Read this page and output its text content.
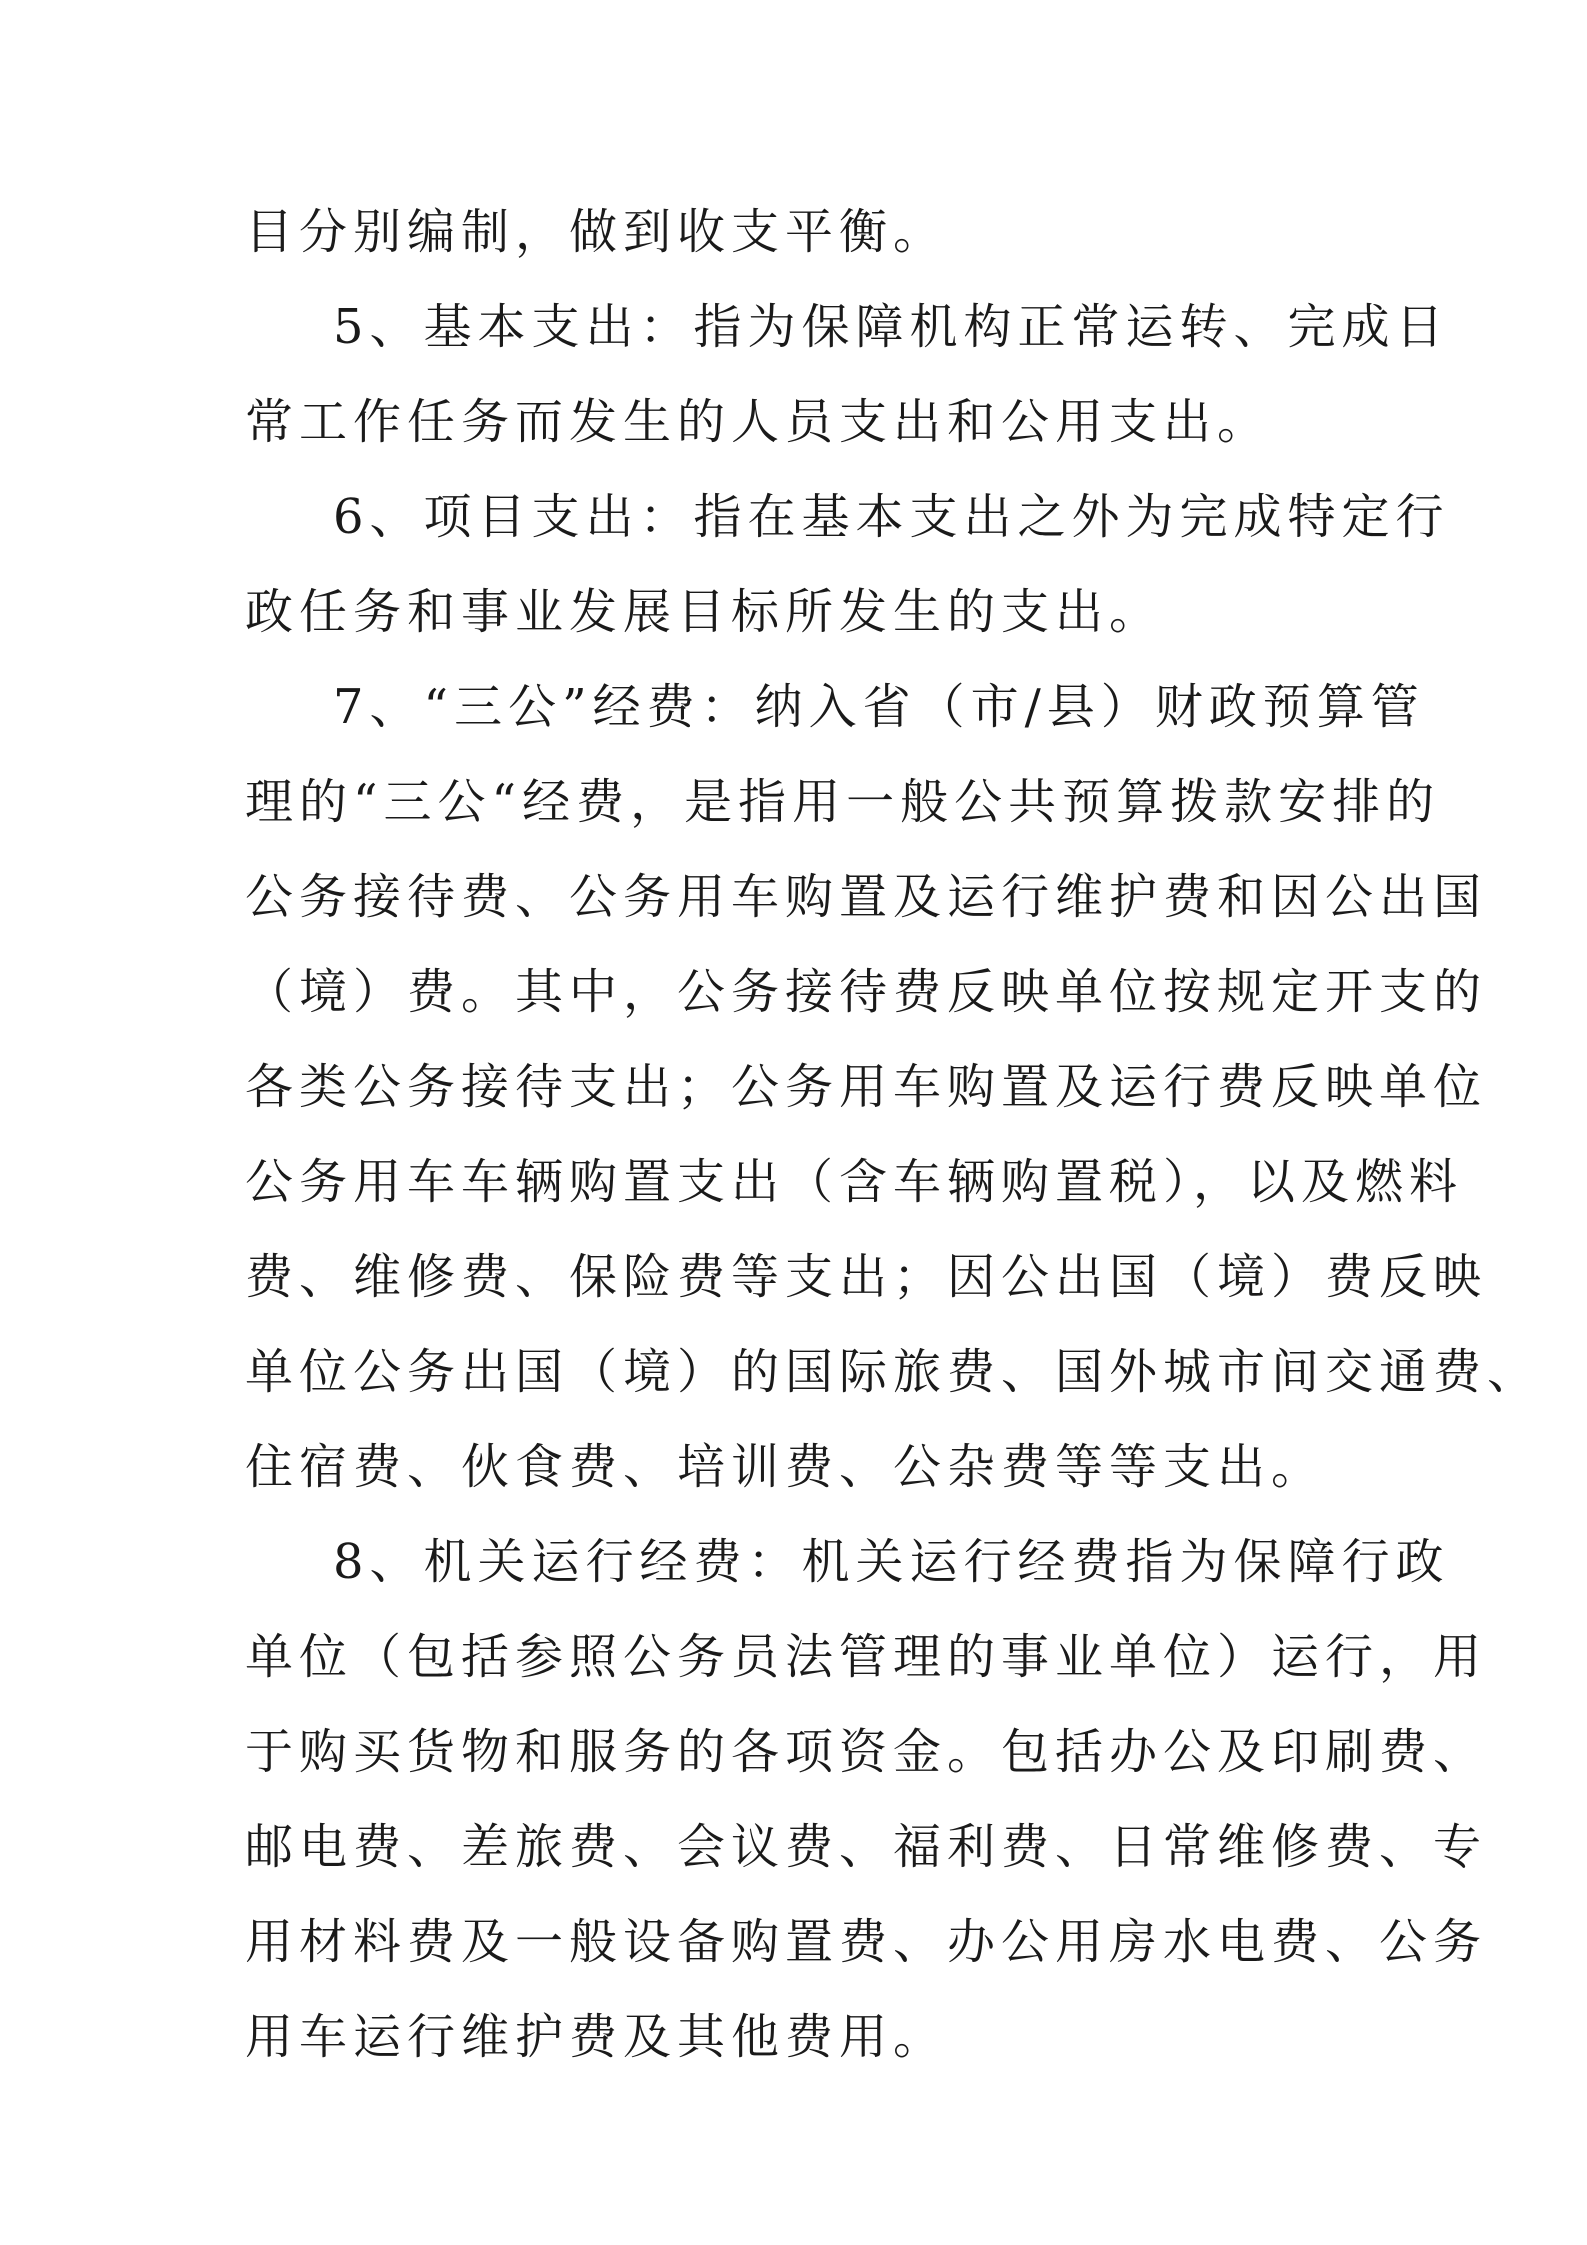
目分别编制，做到收支平衡。
5、基本支出：指为保障机构正常运转、完成日
常工作任务而发生的人员支出和公用支出。
6、项目支出：指在基本支出之外为完成特定行
政任务和事业发展目标所发生的支出。
7、“三公”经费：纳入省（市/县）财政预算管
理的“三公“经费，是指用一般公共预算拨款安排的
公务接待费、公务用车购置及运行维护费和因公出国
（境）费。其中，公务接待费反映单位按规定开支的
各类公务接待支出；公务用车购置及运行费反映单位
公务用车车辆购置支出（含车辆购置税），以及燃料
费、维修费、保险费等支出；因公出国（境）费反映
单位公务出国（境）的国际旅费、国外城市间交通费、
住宿费、伙食费、培训费、公杂费等等支出。
8、机关运行经费：机关运行经费指为保障行政
单位（包括参照公务员法管理的事业单位）运行，用
于购买货物和服务的各项资金。包括办公及印刷费、
邮电费、差旅费、会议费、福利费、日常维修费、专
用材料费及一般设备购置费、办公用房水电费、公务
用车运行维护费及其他费用。
